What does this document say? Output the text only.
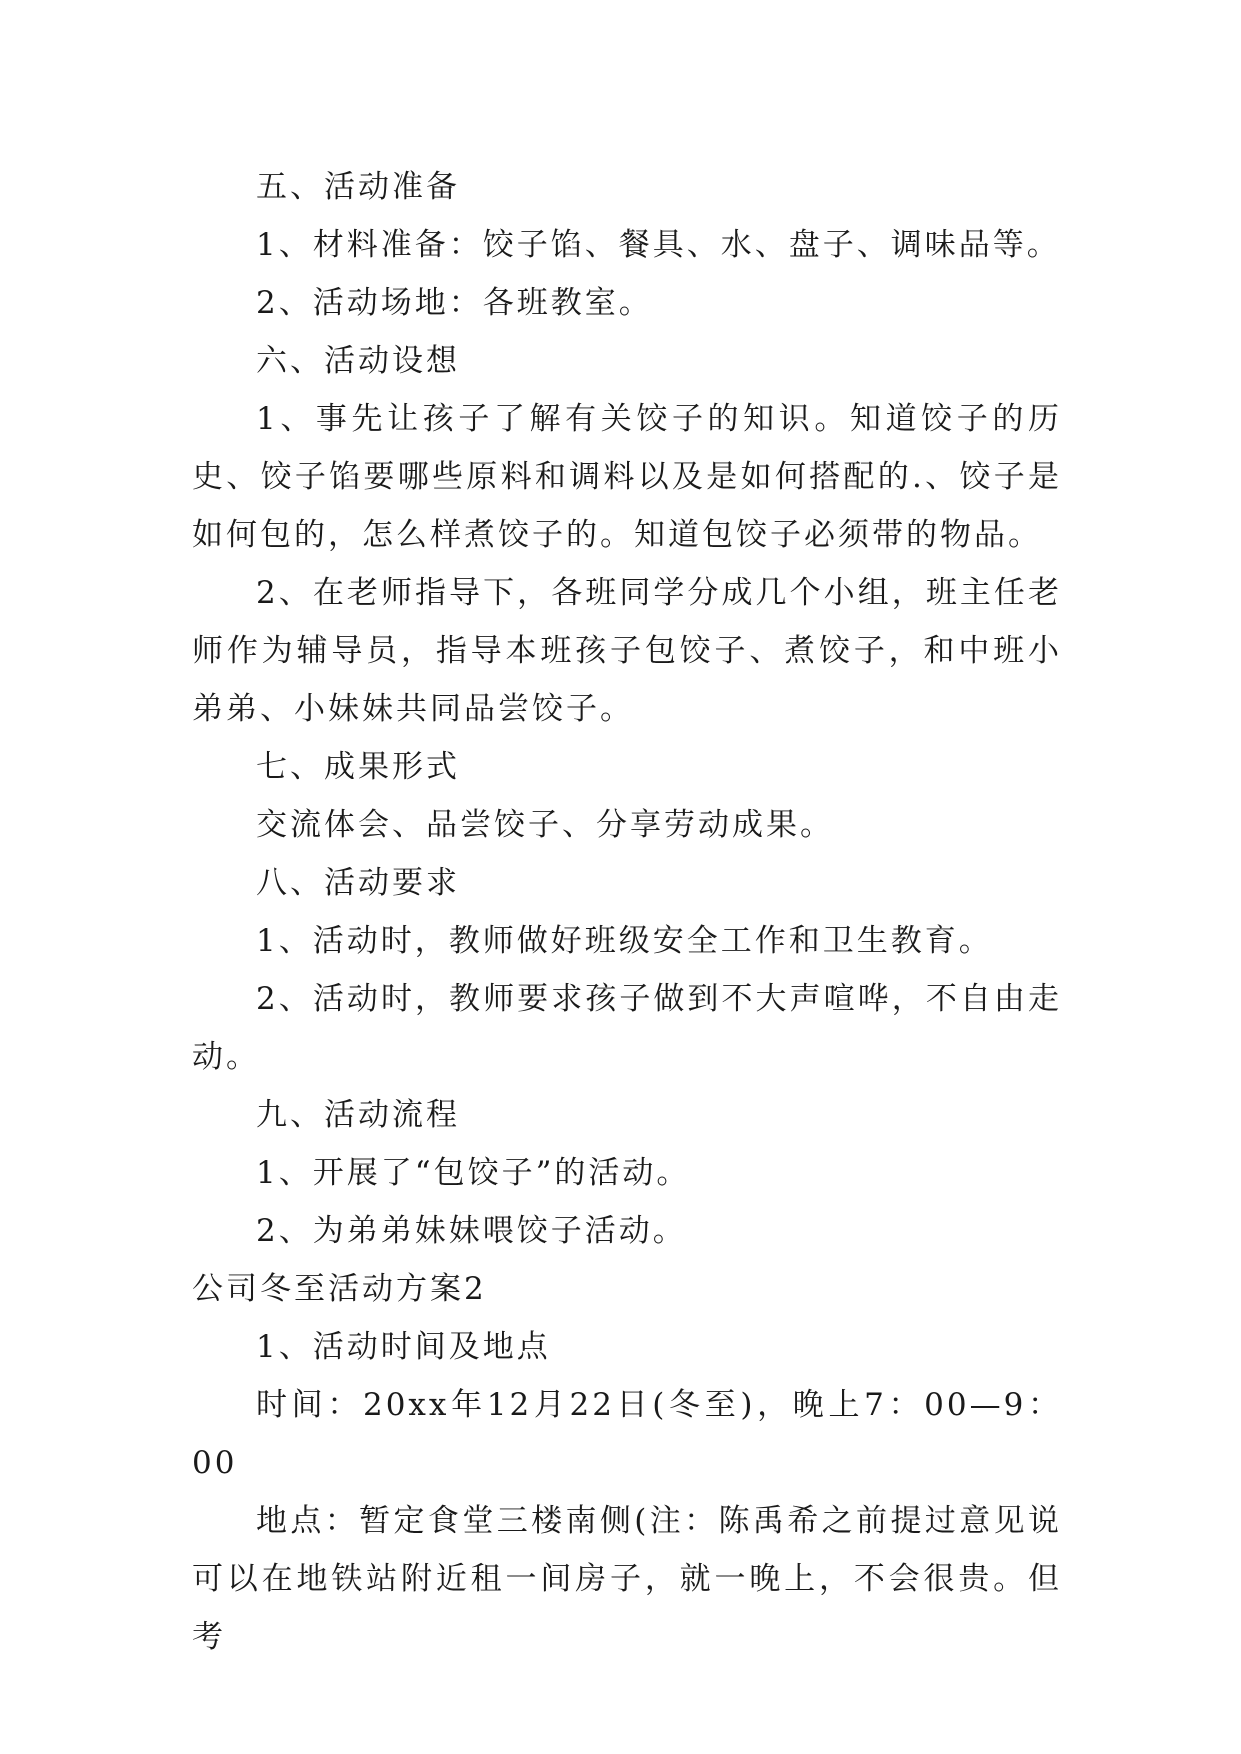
五、活动准备

1、材料准备：饺子馅、餐具、水、盘子、调味品等。

2、活动场地：各班教室。

六、活动设想

1、事先让孩子了解有关饺子的知识。知道饺子的历史、饺子馅要哪些原料和调料以及是如何搭配的.、饺子是如何包的，怎么样煮饺子的。知道包饺子必须带的物品。

2、在老师指导下，各班同学分成几个小组，班主任老师作为辅导员，指导本班孩子包饺子、煮饺子，和中班小弟弟、小妹妹共同品尝饺子。

七、成果形式

交流体会、品尝饺子、分享劳动成果。

八、活动要求

1、活动时，教师做好班级安全工作和卫生教育。

2、活动时，教师要求孩子做到不大声喧哗，不自由走动。

九、活动流程

1、开展了“包饺子”的活动。

2、为弟弟妹妹喂饺子活动。

公司冬至活动方案2

1、活动时间及地点

时间：20xx年12月22日(冬至)，晚上7：00—9：00

地点：暂定食堂三楼南侧(注：陈禹希之前提过意见说可以在地铁站附近租一间房子，就一晚上，不会很贵。但考
